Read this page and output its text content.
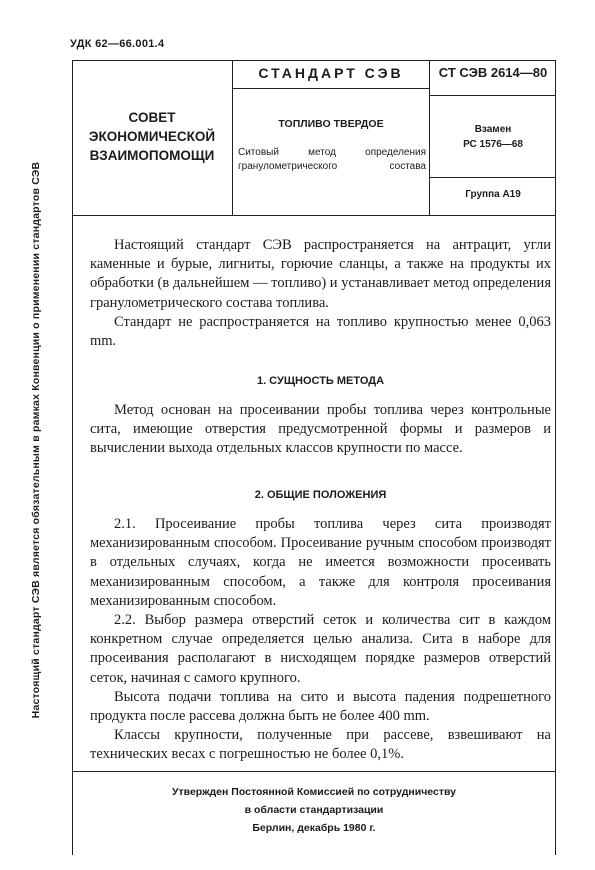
УДК 62—66.001.4
Настоящий стандарт СЭВ является обязательным в рамках Конвенции о применении стандартов СЭВ
СОВЕТ
ЭКОНОМИЧЕСКОЙ
ВЗАИМОПОМОЩИ
СТАНДАРТ СЭВ
ТОПЛИВО ТВЕРДОЕ
Ситовый метод определения гранулометрического состава
СТ СЭВ 2614—80
Взамен
РС 1576—68
Группа А19

Настоящий стандарт СЭВ распространяется на антрацит, угли каменные и бурые, лигниты, горючие сланцы, а также на продукты их обработки (в дальнейшем — топливо) и устанавливает метод определения гранулометрического состава топлива.

Стандарт не распространяется на топливо крупностью менее 0,063 mm.

1. СУЩНОСТЬ МЕТОДА

Метод основан на просеивании пробы топлива через контрольные сита, имеющие отверстия предусмотренной формы и размеров и вычислении выхода отдельных классов крупности по массе.

2. ОБЩИЕ ПОЛОЖЕНИЯ

2.1. Просеивание пробы топлива через сита производят механизированным способом. Просеивание ручным способом производят в отдельных случаях, когда не имеется возможности просеивать механизированным способом, а также для контроля просеивания механизированным способом.

2.2. Выбор размера отверстий сеток и количества сит в каждом конкретном случае определяется целью анализа. Сита в наборе для просеивания располагают в нисходящем порядке размеров отверстий сеток, начиная с самого крупного.

Высота подачи топлива на сито и высота падения подрешетного продукта после рассева должна быть не более 400 mm.

Классы крупности, полученные при рассеве, взвешивают на технических весах с погрешностью не более 0,1%.

Утвержден Постоянной Комиссией по сотрудничеству
в области стандартизации
Берлин, декабрь 1980 г.
